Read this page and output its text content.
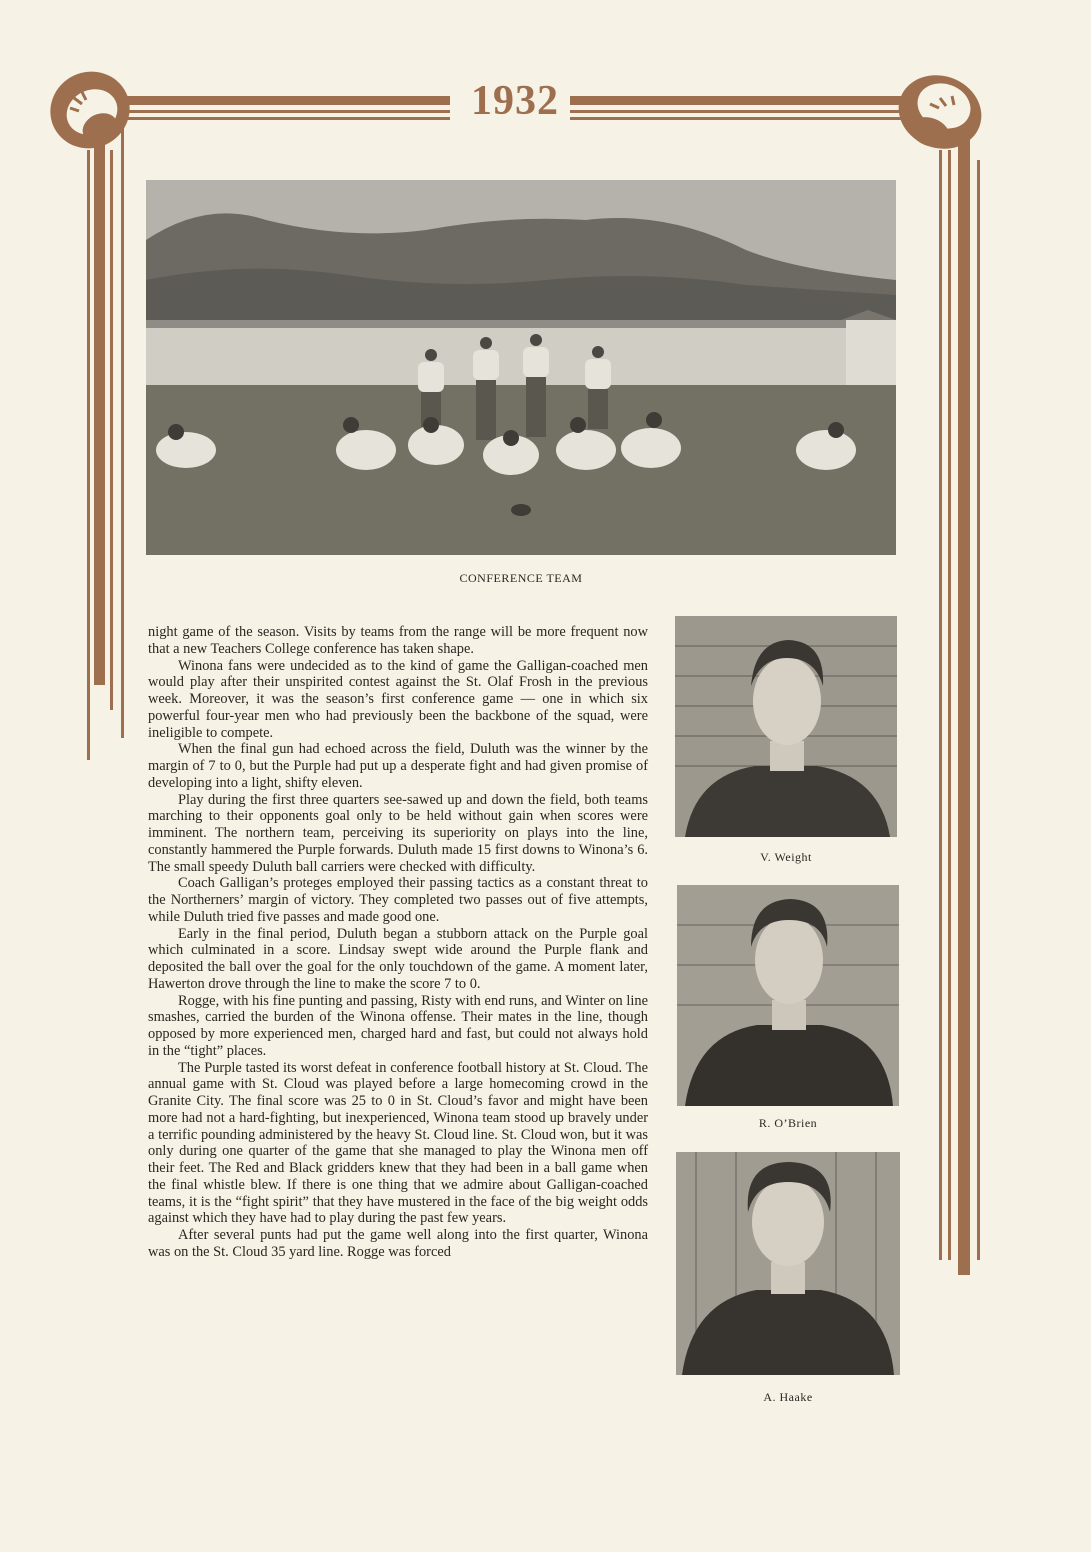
1932
CONFERENCE TEAM

night game of the season. Visits by teams from the range will be more frequent now that a new Teachers College conference has taken shape.

Winona fans were undecided as to the kind of game the Galligan-coached men would play after their unspirited contest against the St. Olaf Frosh in the previous week. Moreover, it was the season’s first conference game — one in which six powerful four-year men who had previously been the backbone of the squad, were ineligible to compete.

When the final gun had echoed across the field, Duluth was the winner by the margin of 7 to 0, but the Purple had put up a desperate fight and had given promise of developing into a light, shifty eleven.

Play during the first three quarters see-sawed up and down the field, both teams marching to their opponents goal only to be held without gain when scores were imminent. The northern team, perceiving its superiority on plays into the line, constantly hammered the Purple forwards. Duluth made 15 first downs to Winona’s 6. The small speedy Duluth ball carriers were checked with difficulty.

Coach Galligan’s proteges employed their passing tactics as a constant threat to the Northerners’ margin of victory. They completed two passes out of five attempts, while Duluth tried five passes and made good one.

Early in the final period, Duluth began a stubborn attack on the Purple goal which culminated in a score. Lindsay swept wide around the Purple flank and deposited the ball over the goal for the only touchdown of the game. A moment later, Hawerton drove through the line to make the score 7 to 0.

Rogge, with his fine punting and passing, Risty with end runs, and Winter on line smashes, carried the burden of the Winona offense. Their mates in the line, though opposed by more experienced men, charged hard and fast, but could not always hold in the “tight” places.

The Purple tasted its worst defeat in conference football history at St. Cloud. The annual game with St. Cloud was played before a large homecoming crowd in the Granite City. The final score was 25 to 0 in St. Cloud’s favor and might have been more had not a hard-fighting, but inexperienced, Winona team stood up bravely under a terrific pounding administered by the heavy St. Cloud line. St. Cloud won, but it was only during one quarter of the game that she managed to play the Winona men off their feet. The Red and Black gridders knew that they had been in a ball game when the final whistle blew. If there is one thing that we admire about Galligan-coached teams, it is the “fight spirit” that they have mustered in the face of the big weight odds against which they have had to play during the past few years.

After several punts had put the game well along into the first quarter, Winona was on the St. Cloud 35 yard line. Rogge was forced

V. Weight
R. O’Brien
A. Haake
